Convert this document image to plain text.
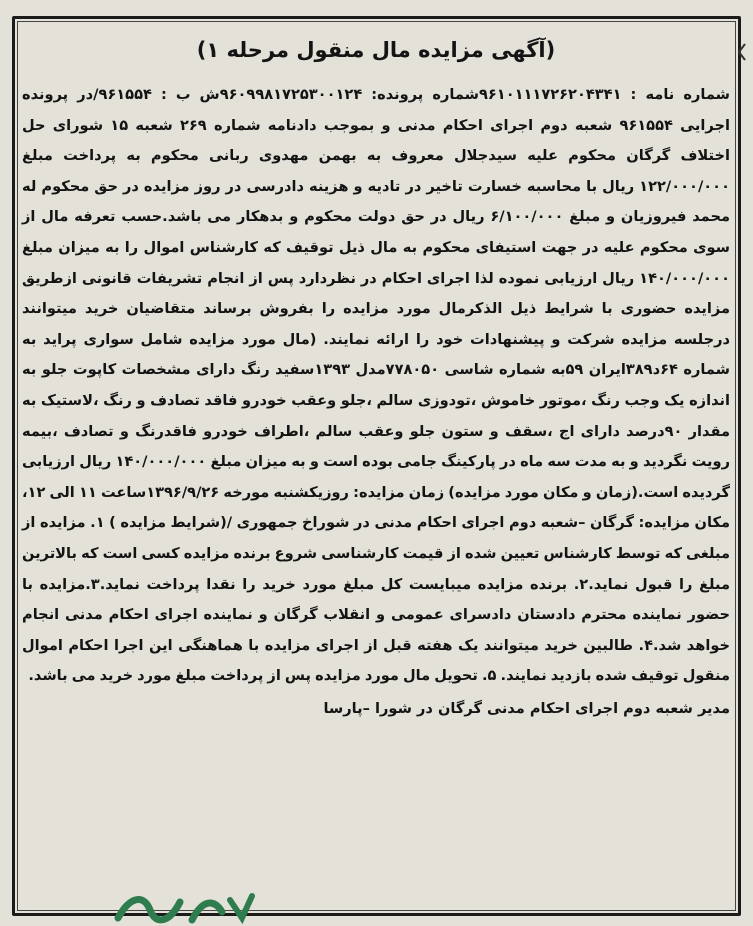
(آگهی مزایده مال منقول مرحله ۱)

شماره نامه : ۹۶۱۰۱۱۱۷۲۶۲۰۴۳۴۱شماره پرونده: ۹۶۰۹۹۸۱۷۲۵۳۰۰۱۲۴ش ب : ۹۶۱۵۵۴/در پرونده اجرایی ۹۶۱۵۵۴ شعبه دوم اجرای احکام مدنی و بموجب دادنامه شماره ۲۶۹ شعبه ۱۵ شورای حل اختلاف گرگان محکوم علیه سیدجلال معروف به بهمن مهدوی ربانی محکوم به پرداخت مبلغ ۱۲۲/۰۰۰/۰۰۰ ریال با محاسبه خسارت تاخیر در تادیه و هزینه دادرسی در روز مزایده در حق محکوم له محمد فیروزیان و مبلغ ۶/۱۰۰/۰۰۰ ریال در حق دولت محکوم و بدهکار می باشد.حسب تعرفه مال از سوی محکوم علیه در جهت استیفای محکوم به مال ذیل توقیف که کارشناس اموال را به میزان مبلغ ۱۴۰/۰۰۰/۰۰۰ ریال ارزیابی نموده لذا اجرای احکام در نظردارد پس از انجام تشریفات قانونی ازطریق مزایده حضوری با شرایط ذیل الذکرمال مورد مزایده را بفروش برساند متقاضیان خرید میتوانند درجلسه مزایده شرکت و پیشنهادات خود را ارائه نمایند. (مال مورد مزایده شامل سواری پراید به شماره ۶۴د۳۸۹ایران ۵۹به شماره شاسی ۷۷۸۰۵۰مدل ۱۳۹۳سفید رنگ دارای مشخصات کاپوت جلو به اندازه یک وجب رنگ ،موتور خاموش ،تودوزی سالم ،جلو وعقب خودرو فاقد تصادف و رنگ ،لاستیک به مقدار ۹۰درصد دارای اج ،سقف و ستون جلو وعقب سالم ،اطراف خودرو فاقدرنگ و تصادف ،بیمه رویت نگردید و به مدت سه ماه در پارکینگ جامی بوده است و به میزان مبلغ ۱۴۰/۰۰۰/۰۰۰ ریال ارزیابی گردیده است.(زمان و مکان مورد مزایده) زمان مزایده: روزیکشنبه مورخه ۱۳۹۶/۹/۲۶ساعت ۱۱ الی ۱۲، مکان مزایده: گرگان –شعبه دوم اجرای احکام مدنی در شوراخ جمهوری /(شرایط مزایده ) ۱. مزایده از مبلغی که توسط کارشناس تعیین شده از قیمت کارشناسی شروع برنده مزایده کسی است که بالاترین مبلغ را قبول نماید.۲. برنده مزایده میبایست کل مبلغ مورد خرید را نقدا پرداخت نماید.۳.مزایده با حضور نماینده محترم دادستان دادسرای عمومی و انقلاب گرگان و نماینده اجرای احکام مدنی انجام خواهد شد.۴. طالبین خرید میتوانند یک هفته قبل از اجرای مزایده با هماهنگی این اجرا احکام اموال منقول توقیف شده بازدید نمایند. ۵. تحویل مال مورد مزایده پس از پرداخت مبلغ مورد خرید می باشد.

مدیر شعبه دوم اجرای احکام مدنی گرگان در شورا –پارسا
